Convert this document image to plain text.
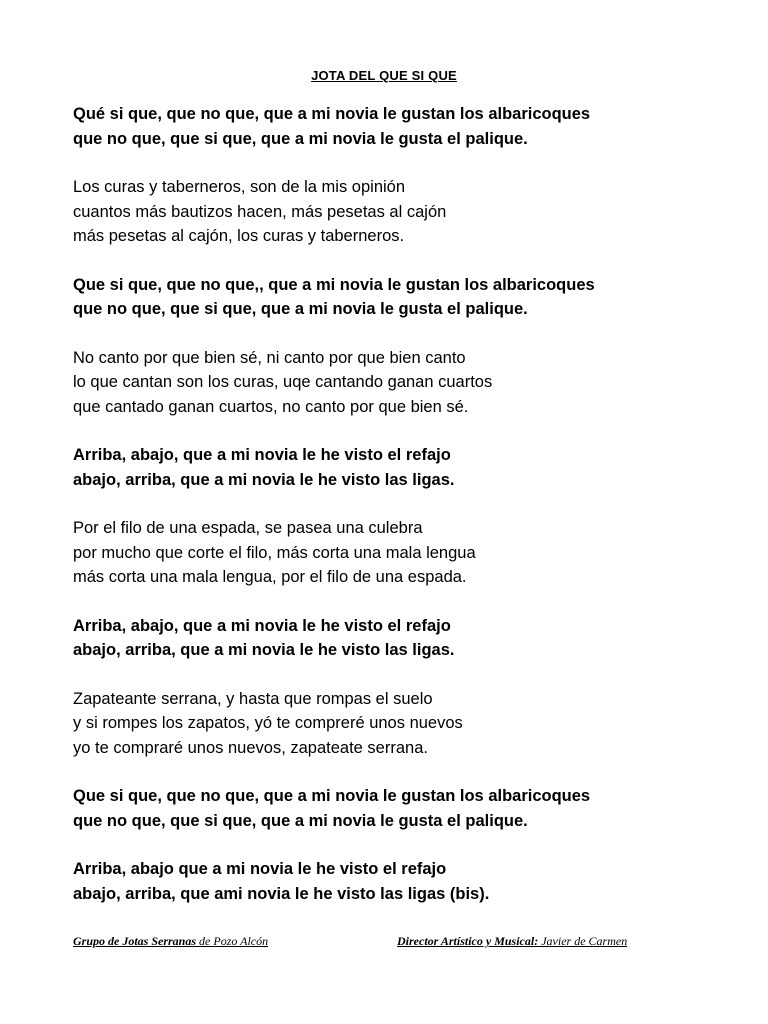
JOTA DEL QUE SI QUE
Qué si que, que no que, que a mi novia le gustan los albaricoques
que no que, que si que, que a mi novia le gusta el palique.
Los curas y taberneros, son de la mis opinión
cuantos más bautizos hacen, más pesetas al cajón
más pesetas al cajón, los curas y taberneros.
Que si que, que no que,, que a mi novia le gustan los albaricoques
que no que, que si que, que a mi novia le gusta el palique.
No canto por que bien sé, ni canto por que bien canto
lo que cantan son los curas, uqe cantando ganan cuartos
que cantado ganan cuartos, no canto por que bien sé.
Arriba, abajo, que a mi novia le he visto el refajo
abajo, arriba, que a mi novia le he visto las ligas.
Por el filo de una espada, se pasea una culebra
por mucho que corte el filo, más corta una mala lengua
más corta una mala lengua, por el filo de una espada.
Arriba, abajo, que a mi novia le he visto el refajo
abajo, arriba, que a mi novia le he visto las ligas.
Zapateante serrana, y hasta que rompas el suelo
y si rompes los zapatos, yó te compreré unos nuevos
yo te compraré unos nuevos, zapateate serrana.
Que si que, que no que, que a mi novia le gustan los albaricoques
que no que, que si que, que a mi novia le gusta el palique.
Arriba, abajo que a mi novia le he visto el refajo
abajo, arriba, que ami novia le he visto las ligas (bis).
Grupo de Jotas Serranas de Pozo Alcón	Director Artístico y Musical: Javier de Carmen
